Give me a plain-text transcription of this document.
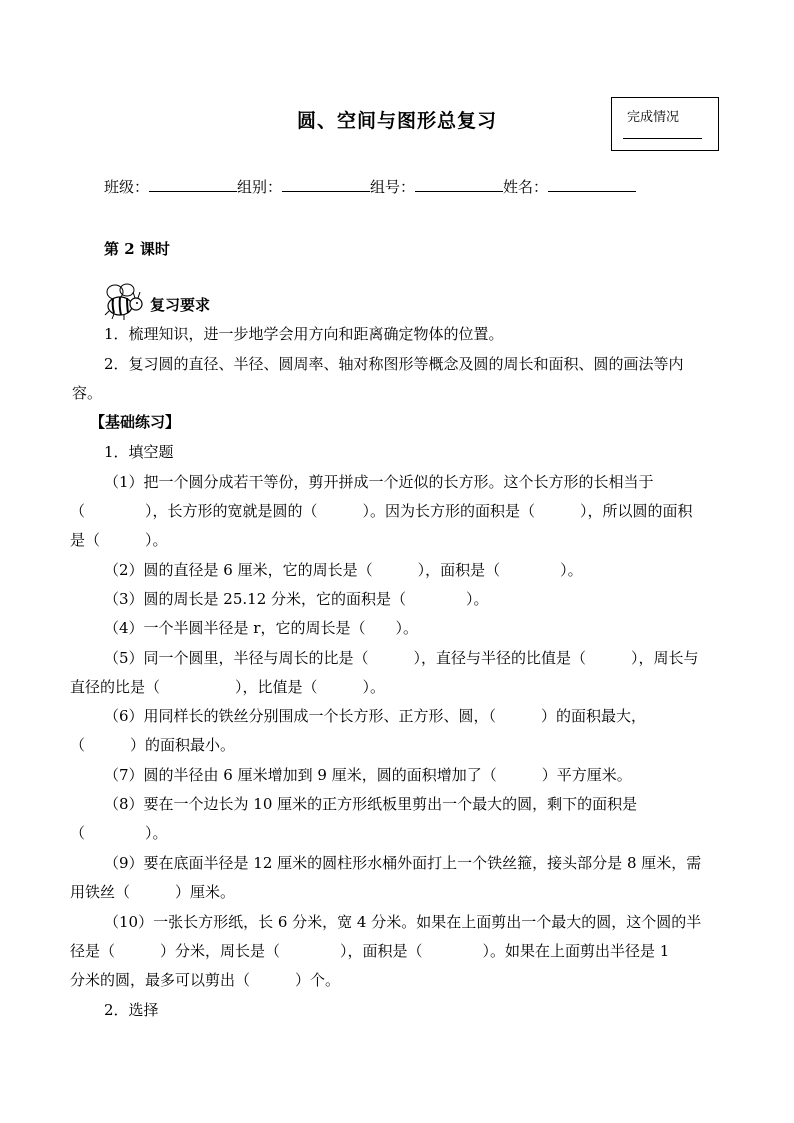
圆、空间与图形总复习	完成情况
班级：	组别：	组号：	姓名：
第 2 课时
复习要求
1．梳理知识，进一步地学会用方向和距离确定物体的位置。
2．复习圆的直径、半径、圆周率、轴对称图形等概念及圆的周长和面积、圆的画法等内
容。
【基础练习】
1．填空题
（1）把一个圆分成若干等份，剪开拼成一个近似的长方形。这个长方形的长相当于
（　　　　），长方形的宽就是圆的（　　　）。因为长方形的面积是（　　　），所以圆的面积
是（　　　）。
（2）圆的直径是 6 厘米，它的周长是（　　　），面积是（　　　　）。
（3）圆的周长是 25.12 分米，它的面积是（　　　　）。
（4）一个半圆半径是 r，它的周长是（　　）。
（5）同一个圆里，半径与周长的比是（　　　），直径与半径的比值是（　　　），周长与
直径的比是（　　　　　），比值是（　　　）。
（6）用同样长的铁丝分别围成一个长方形、正方形、圆，（　　　）的面积最大，
（　　　）的面积最小。
（7）圆的半径由 6 厘米增加到 9 厘米，圆的面积增加了（　　　）平方厘米。
（8）要在一个边长为 10 厘米的正方形纸板里剪出一个最大的圆，剩下的面积是
（　　　　）。
（9）要在底面半径是 12 厘米的圆柱形水桶外面打上一个铁丝箍，接头部分是 8 厘米，需
用铁丝（　　　）厘米。
（10）一张长方形纸，长 6 分米，宽 4 分米。如果在上面剪出一个最大的圆，这个圆的半
径是（　　　）分米，周长是（　　　　），面积是（　　　　）。如果在上面剪出半径是 1
分米的圆，最多可以剪出（　　　）个。
2．选择
